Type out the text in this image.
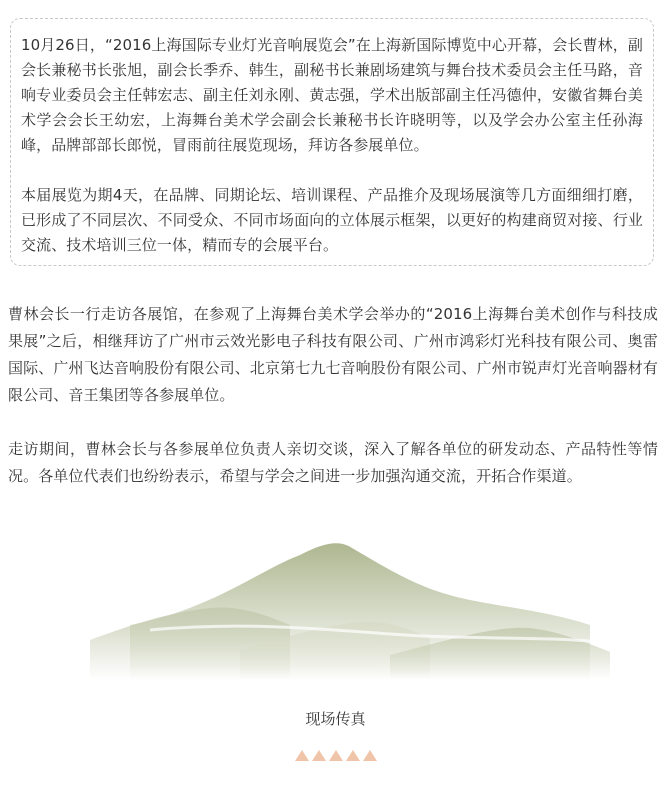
10月26日，“2016上海国际专业灯光音响展览会”在上海新国际博览中心开幕，会长曹林，副会长兼秘书长张旭，副会长季乔、韩生，副秘书长兼剧场建筑与舞台技术委员会主任马路，音响专业委员会主任韩宏志、副主任刘永刚、黄志强，学术出版部副主任冯德仲，安徽省舞台美术学会会长王幼宏，上海舞台美术学会副会长兼秘书长许晓明等，以及学会办公室主任孙海峰，品牌部部长郎悦，冒雨前往展览现场，拜访各参展单位。

本届展览为期4天，在品牌、同期论坛、培训课程、产品推介及现场展演等几方面细细打磨，已形成了不同层次、不同受众、不同市场面向的立体展示框架，以更好的构建商贸对接、行业交流、技术培训三位一体，精而专的会展平台。

曹林会长一行走访各展馆，在参观了上海舞台美术学会举办的“2016上海舞台美术创作与科技成果展”之后，相继拜访了广州市云效光影电子科技有限公司、广州市鸿彩灯光科技有限公司、奥雷国际、广州飞达音响股份有限公司、北京第七九七音响股份有限公司、广州市锐声灯光音响器材有限公司、音王集团等各参展单位。

走访期间，曹林会长与各参展单位负责人亲切交谈，深入了解各单位的研发动态、产品特性等情况。各单位代表们也纷纷表示，希望与学会之间进一步加强沟通交流，开拓合作渠道。

现场传真
